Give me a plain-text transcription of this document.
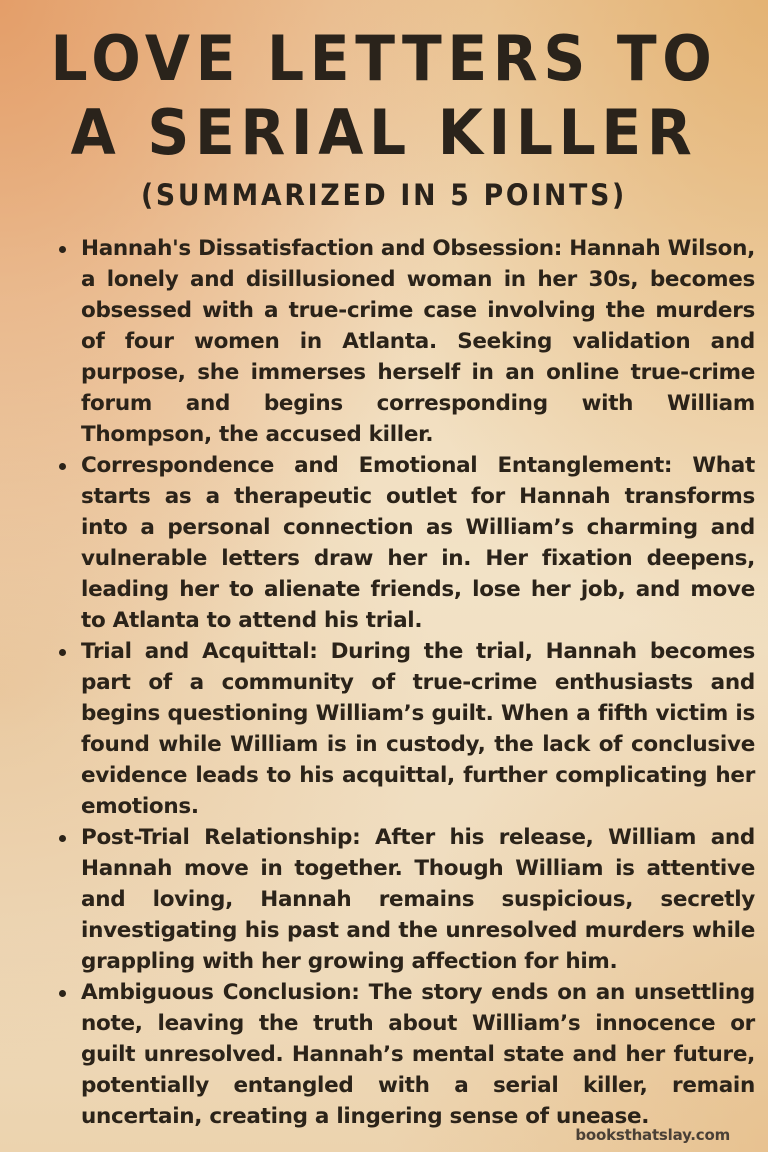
LOVE LETTERS TO
A SERIAL KILLER
(SUMMARIZED IN 5 POINTS)
Hannah's Dissatisfaction and Obsession: Hannah Wilson, a lonely and disillusioned woman in her 30s, becomes obsessed with a true-crime case involving the murders of four women in Atlanta. Seeking validation and purpose, she immerses herself in an online true-crime forum and begins corresponding with William Thompson, the accused killer.
Correspondence and Emotional Entanglement: What starts as a therapeutic outlet for Hannah transforms into a personal connection as William’s charming and vulnerable letters draw her in. Her fixation deepens, leading her to alienate friends, lose her job, and move to Atlanta to attend his trial.
Trial and Acquittal: During the trial, Hannah becomes part of a community of true-crime enthusiasts and begins questioning William’s guilt. When a fifth victim is found while William is in custody, the lack of conclusive evidence leads to his acquittal, further complicating her emotions.
Post-Trial Relationship: After his release, William and Hannah move in together. Though William is attentive and loving, Hannah remains suspicious, secretly investigating his past and the unresolved murders while grappling with her growing affection for him.
Ambiguous Conclusion: The story ends on an unsettling note, leaving the truth about William’s innocence or guilt unresolved. Hannah’s mental state and her future, potentially entangled with a serial killer, remain uncertain, creating a lingering sense of unease.
booksthatslay.com
